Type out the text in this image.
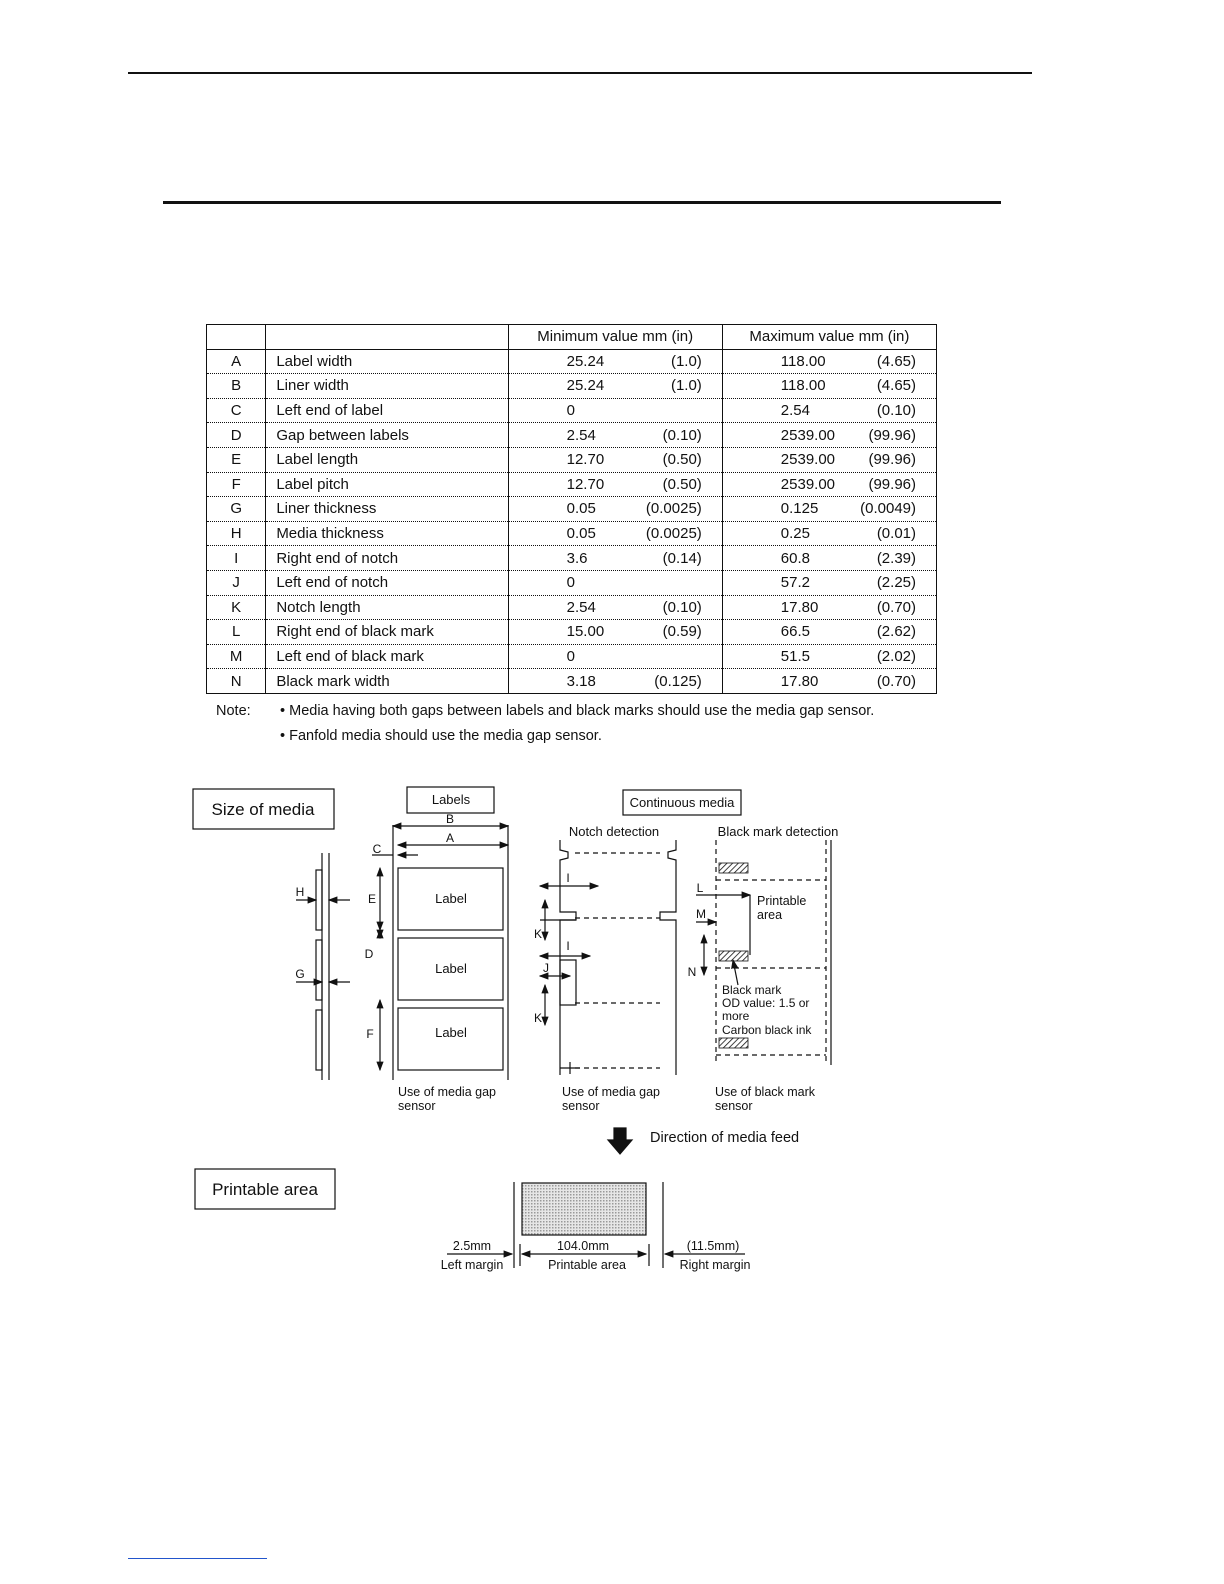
		Minimum value mm (in)	Maximum value mm (in)
A	Label width	25.24 (1.0)	118.00 (4.65)

B	Liner width	25.24 (1.0)	118.00 (4.65)

C	Left end of label	0	2.54 (0.10)

D	Gap between labels	2.54 (0.10)	2539.00 (99.96)

E	Label length	12.70 (0.50)	2539.00 (99.96)

F	Label pitch	12.70 (0.50)	2539.00 (99.96)

G	Liner thickness	0.05 (0.0025)	0.125 (0.0049)

H	Media thickness	0.05 (0.0025)	0.25 (0.01)

I	Right end of notch	3.6 (0.14)	60.8 (2.39)

J	Left end of notch	0	57.2 (2.25)

K	Notch length	2.54 (0.10)	17.80 (0.70)

L	Right end of black mark	15.00 (0.59)	66.5 (2.62)

M	Left end of black mark	0	51.5 (2.02)

N	Black mark width	3.18 (0.125)	17.80 (0.70)
Note: • Media having both gaps between labels and black marks should use the media gap sensor.
• Fanfold media should use the media gap sensor.
Size of media
Labels	Continuous media
Notch detection	Black mark detection
Label
Label
Label
B
A
C
E
D
F
H
G
I
K
I
J
K
L
M
N
Printable
area
Black mark
OD value: 1.5 or
more
Carbon black ink
Use of media gap
sensor
Use of media gap
sensor
Use of black mark
sensor
Direction of media feed
Printable area
2.5mm
Left margin
104.0mm
Printable area
(11.5mm)
Right margin
